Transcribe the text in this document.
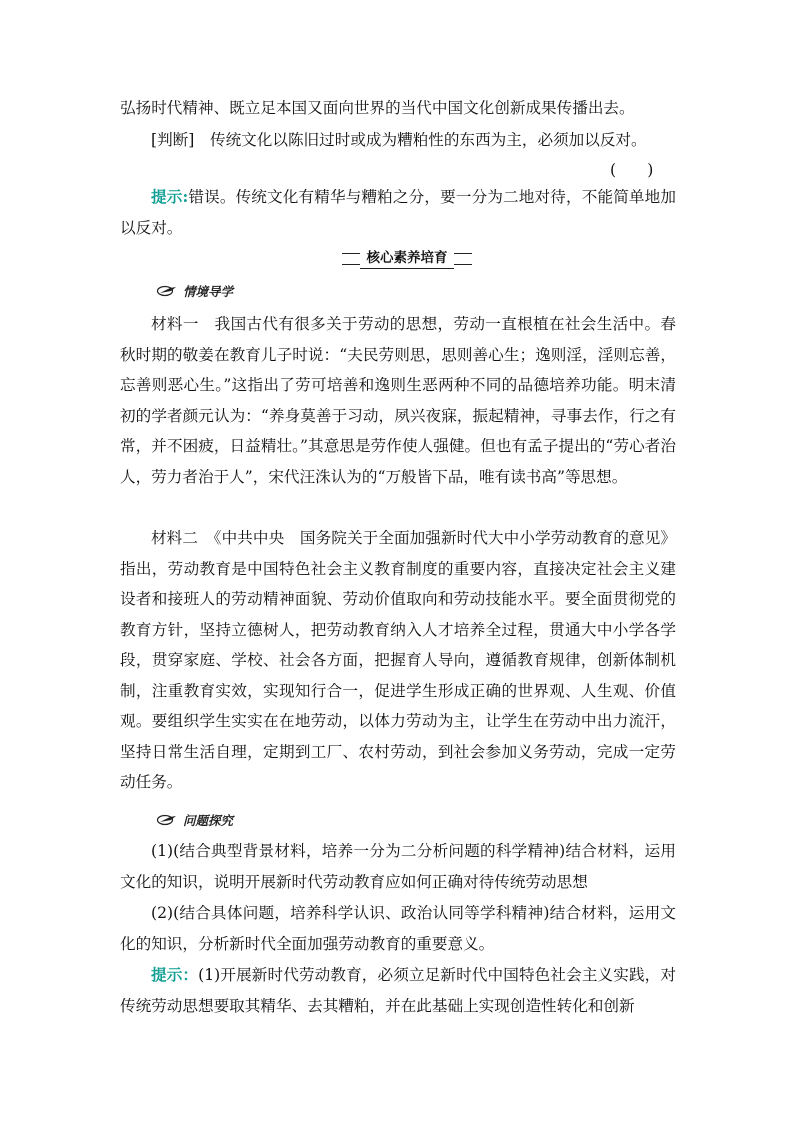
弘扬时代精神、既立足本国又面向世界的当代中国文化创新成果传播出去。

[判断]　 传统文化以陈旧过时或成为糟粕性的东西为主，必须加以反对。

(　　)

提示:错误。传统文化有精华与糟粕之分，要一分为二地对待，不能简单地加以反对。

核心素养培育
情境导学

材料一　我国古代有很多关于劳动的思想，劳动一直根植在社会生活中。春秋时期的敬姜在教育儿子时说：“夫民劳则思，思则善心生；逸则淫，淫则忘善，忘善则恶心生。”这指出了劳可培善和逸则生恶两种不同的品德培养功能。明末清初的学者颜元认为：“养身莫善于习动，夙兴夜寐，振起精神，寻事去作，行之有常，并不困疲，日益精壮。”其意思是劳作使人强健。但也有孟子提出的“劳心者治人，劳力者治于人”，宋代汪洙认为的“万般皆下品，唯有读书高”等思想。

材料二　《中共中央　国务院关于全面加强新时代大中小学劳动教育的意见》指出，劳动教育是中国特色社会主义教育制度的重要内容，直接决定社会主义建设者和接班人的劳动精神面貌、劳动价值取向和劳动技能水平。要全面贯彻党的教育方针，坚持立德树人，把劳动教育纳入人才培养全过程，贯通大中小学各学段，贯穿家庭、学校、社会各方面，把握育人导向，遵循教育规律，创新体制机制，注重教育实效，实现知行合一，促进学生形成正确的世界观、人生观、价值观。要组织学生实实在在地劳动，以体力劳动为主，让学生在劳动中出力流汗，坚持日常生活自理，定期到工厂、农村劳动，到社会参加义务劳动，完成一定劳动任务。

问题探究

(1)(结合典型背景材料，培养一分为二分析问题的科学精神)结合材料，运用文化的知识，说明开展新时代劳动教育应如何正确对待传统劳动思想

(2)(结合具体问题，培养科学认识、政治认同等学科精神)结合材料，运用文化的知识，分析新时代全面加强劳动教育的重要意义。

提示：(1)开展新时代劳动教育，必须立足新时代中国特色社会主义实践，对传统劳动思想要取其精华、去其糟粕，并在此基础上实现创造性转化和创新
